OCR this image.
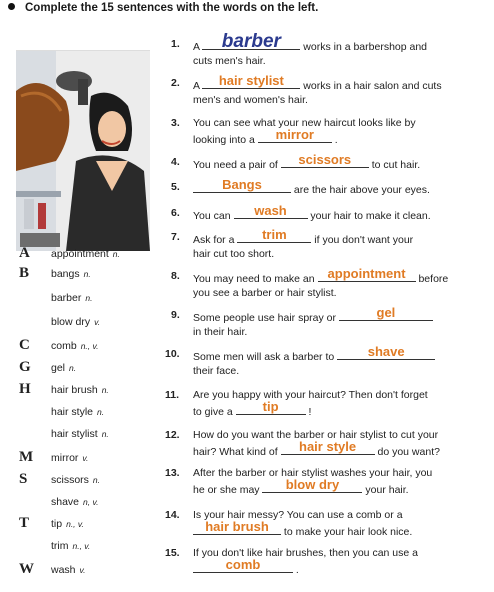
Complete the 15 sentences with the words on the left.
A appointment n.
B bangs n.
barber n.
blow dry v.
C comb n., v.
G gel n.
H hair brush n.
hair style n.
hair stylist n.
M mirror v.
S scissors n.
shave n, v.
T tip n., v.
trim n., v.
W wash v.
1.	A	barber	works in a barbershop and
cuts men's hair.
2.	A	hair stylist	works in a hair salon and cuts
men's and women's hair.
3.	You can see what your new haircut looks like by
looking into a	mirror	.
4.	You need a pair of	scissors	to cut hair.
5.	Bangs	are the hair above your eyes.
6.	You can	wash	your hair to make it clean.
7.	Ask for a	trim	if you don't want your
hair cut too short.
8.	You may need to make an appointment	before
you see a barber or hair stylist.
9.	Some people use hair spray or	gel
in their hair.
10.	Some men will ask a barber to	shave
their face.
11.	Are you happy with your haircut? Then don't forget
to give a	tip	!
12.	How do you want the barber or hair stylist to cut your
hair? What kind of	hair style	do you want?
13.	After the barber or hair stylist washes your hair, you
he or she may	blow dry	your hair.
14.	Is your hair messy? You can use a comb or a
hair brush	to make your hair look nice.
15.	If you don't like hair brushes, then you can use a
comb	.
